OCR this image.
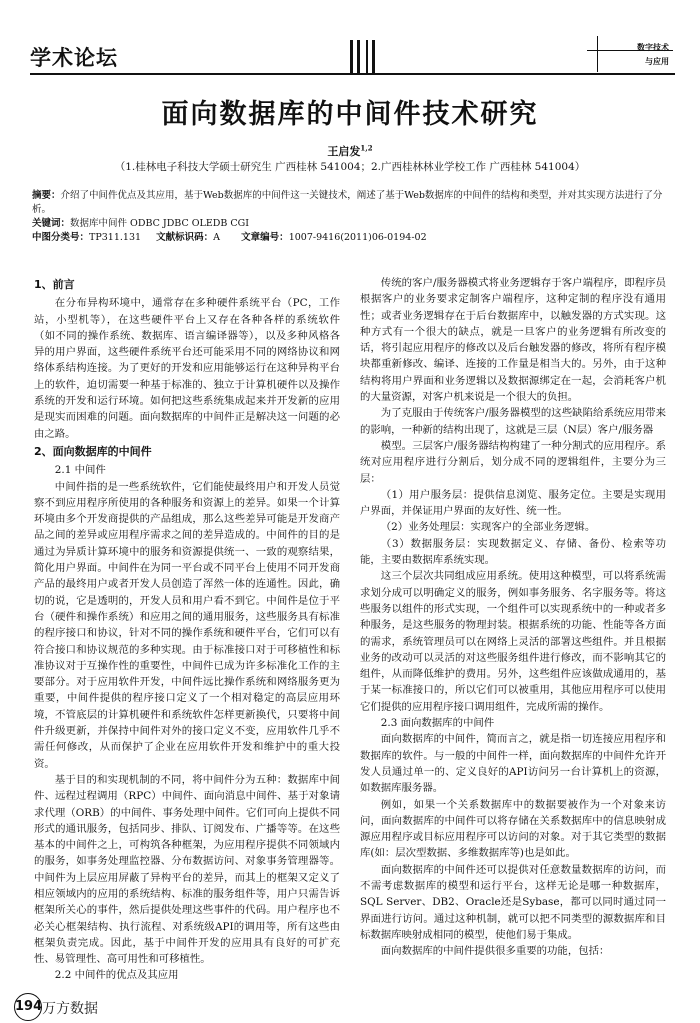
学术论坛	数字技术
与应用
面向数据库的中间件技术研究
王启发$^{1,2}$
（1.桂林电子科技大学硕士研究生 广西桂林 541004；2.广西桂林林业学校工作 广西桂林 541004）
摘要：介绍了中间件优点及其应用，基于Web数据库的中间件这一关键技术，阐述了基于Web数据库的中间件的结构和类型，并对其实现方法进行了分析。
关键词：数据库中间件 ODBC JDBC OLEDB CGI
中图分类号：TP311.131 文献标识码：A 文章编号：1007-9416(2011)06-0194-02
1、前言

在分布异构环境中，通常存在多种硬件系统平台（PC，工作站，小型机等），在这些硬件平台上又存在各种各样的系统软件（如不同的操作系统、数据库、语言编译器等），以及多种风格各异的用户界面，这些硬件系统平台还可能采用不同的网络协议和网络体系结构连接。为了更好的开发和应用能够运行在这种异构平台上的软件，迫切需要一种基于标准的、独立于计算机硬件以及操作系统的开发和运行环境。如何把这些系统集成起来并开发新的应用是现实而困难的问题。面向数据库的中间件正是解决这一问题的必由之路。

2、面向数据库的中间件
2.1 中间件

中间件指的是一些系统软件，它们能使最终用户和开发人员觉察不到应用程序所使用的各种服务和资源上的差异。如果一个计算环境由多个开发商提供的产品组成，那么这些差异可能是开发商产品之间的差异或应用程序需求之间的差异造成的。中间件的目的是通过为异质计算环境中的服务和资源提供统一、一致的观察结果，简化用户界面。中间件在为同一平台或不同平台上使用不同开发商产品的最终用户或者开发人员创造了浑然一体的连通性。因此，确切的说，它是透明的，开发人员和用户看不到它。中间件是位于平台（硬件和操作系统）和应用之间的通用服务，这些服务具有标准的程序接口和协议，针对不同的操作系统和硬件平台，它们可以有符合接口和协议规范的多种实现。由于标准接口对于可移植性和标准协议对于互操作性的重要性，中间件已成为许多标准化工作的主要部分。对于应用软件开发，中间件远比操作系统和网络服务更为重要，中间件提供的程序接口定义了一个相对稳定的高层应用环境，不管底层的计算机硬件和系统软件怎样更新换代，只要将中间件升级更新，并保持中间件对外的接口定义不变，应用软件几乎不需任何修改，从而保护了企业在应用软件开发和维护中的重大投资。

基于目的和实现机制的不同，将中间件分为五种：数据库中间件、远程过程调用（RPC）中间件、面向消息中间件、基于对象请求代理（ORB）的中间件、事务处理中间件。它们可向上提供不同形式的通讯服务，包括同步、排队、订阅发布、广播等等。在这些基本的中间件之上，可构筑各种框架，为应用程序提供不同领域内的服务，如事务处理监控器、分布数据访问、对象事务管理器等。中间件为上层应用屏蔽了异构平台的差异，而其上的框架又定义了相应领域内的应用的系统结构、标准的服务组件等，用户只需告诉框架所关心的事件，然后提供处理这些事件的代码。用户程序也不必关心框架结构、执行流程、对系统级API的调用等，所有这些由框架负责完成。因此，基于中间件开发的应用具有良好的可扩充性、易管理性、高可用性和可移植性。

2.2 中间件的优点及其应用

传统的客户/服务器模式将业务逻辑存于客户端程序，即程序员根据客户的业务要求定制客户端程序，这种定制的程序没有通用性；或者业务逻辑存在于后台数据库中，以触发器的方式实现。这种方式有一个很大的缺点，就是一旦客户的业务逻辑有所改变的话，将引起应用程序的修改以及后台触发器的修改，将所有程序模块都重新修改、编译、连接的工作量是相当大的。另外，由于这种结构将用户界面和业务逻辑以及数据源绑定在一起，会消耗客户机的大量资源，对客户机来说是一个很大的负担。

为了克服由于传统客户/服务器模型的这些缺陷给系统应用带来的影响，一种新的结构出现了，这就是三层（N层）客户/服务器

模型。三层客户/服务器结构构建了一种分割式的应用程序。系统对应用程序进行分割后，划分成不同的逻辑组件，主要分为三层：

（1）用户服务层：提供信息浏览、服务定位。主要是实现用户界面，并保证用户界面的友好性、统一性。

（2）业务处理层：实现客户的全部业务逻辑。

（3）数据服务层：实现数据定义、存储、备份、检索等功能，主要由数据库系统实现。

这三个层次共同组成应用系统。使用这种模型，可以将系统需求划分成可以明确定义的服务，例如事务服务、名字服务等。将这些服务以组件的形式实现，一个组件可以实现系统中的一种或者多种服务，是这些服务的物理封装。根据系统的功能、性能等各方面的需求，系统管理员可以在网络上灵活的部署这些组件。并且根据业务的改动可以灵活的对这些服务组件进行修改，而不影响其它的组件，从而降低维护的费用。另外，这些组件应该做成通用的，基于某一标准接口的，所以它们可以被重用，其他应用程序可以使用它们提供的应用程序接口调用组件，完成所需的操作。

2.3 面向数据库的中间件

面向数据库的中间件，简而言之，就是指一切连接应用程序和数据库的软件。与一般的中间件一样，面向数据库的中间件允许开发人员通过单一的、定义良好的API访问另一台计算机上的资源，如数据库服务器。

例如，如果一个关系数据库中的数据要被作为一个对象来访问，面向数据库的中间件可以将存储在关系数据库中的信息映射成源应用程序或目标应用程序可以访问的对象。对于其它类型的数据库(如：层次型数据、多维数据库等)也是如此。

面向数据库的中间件还可以提供对任意数量数据库的访问，而不需考虑数据库的模型和运行平台，这样无论是哪一种数据库，SQL Server、DB2、Oracle还是Sybase，都可以同时通过同一界面进行访问。通过这种机制，就可以把不同类型的源数据库和目标数据库映射成相同的模型，使他们易于集成。

面向数据库的中间件提供很多重要的功能，包括：

194 万方数据
